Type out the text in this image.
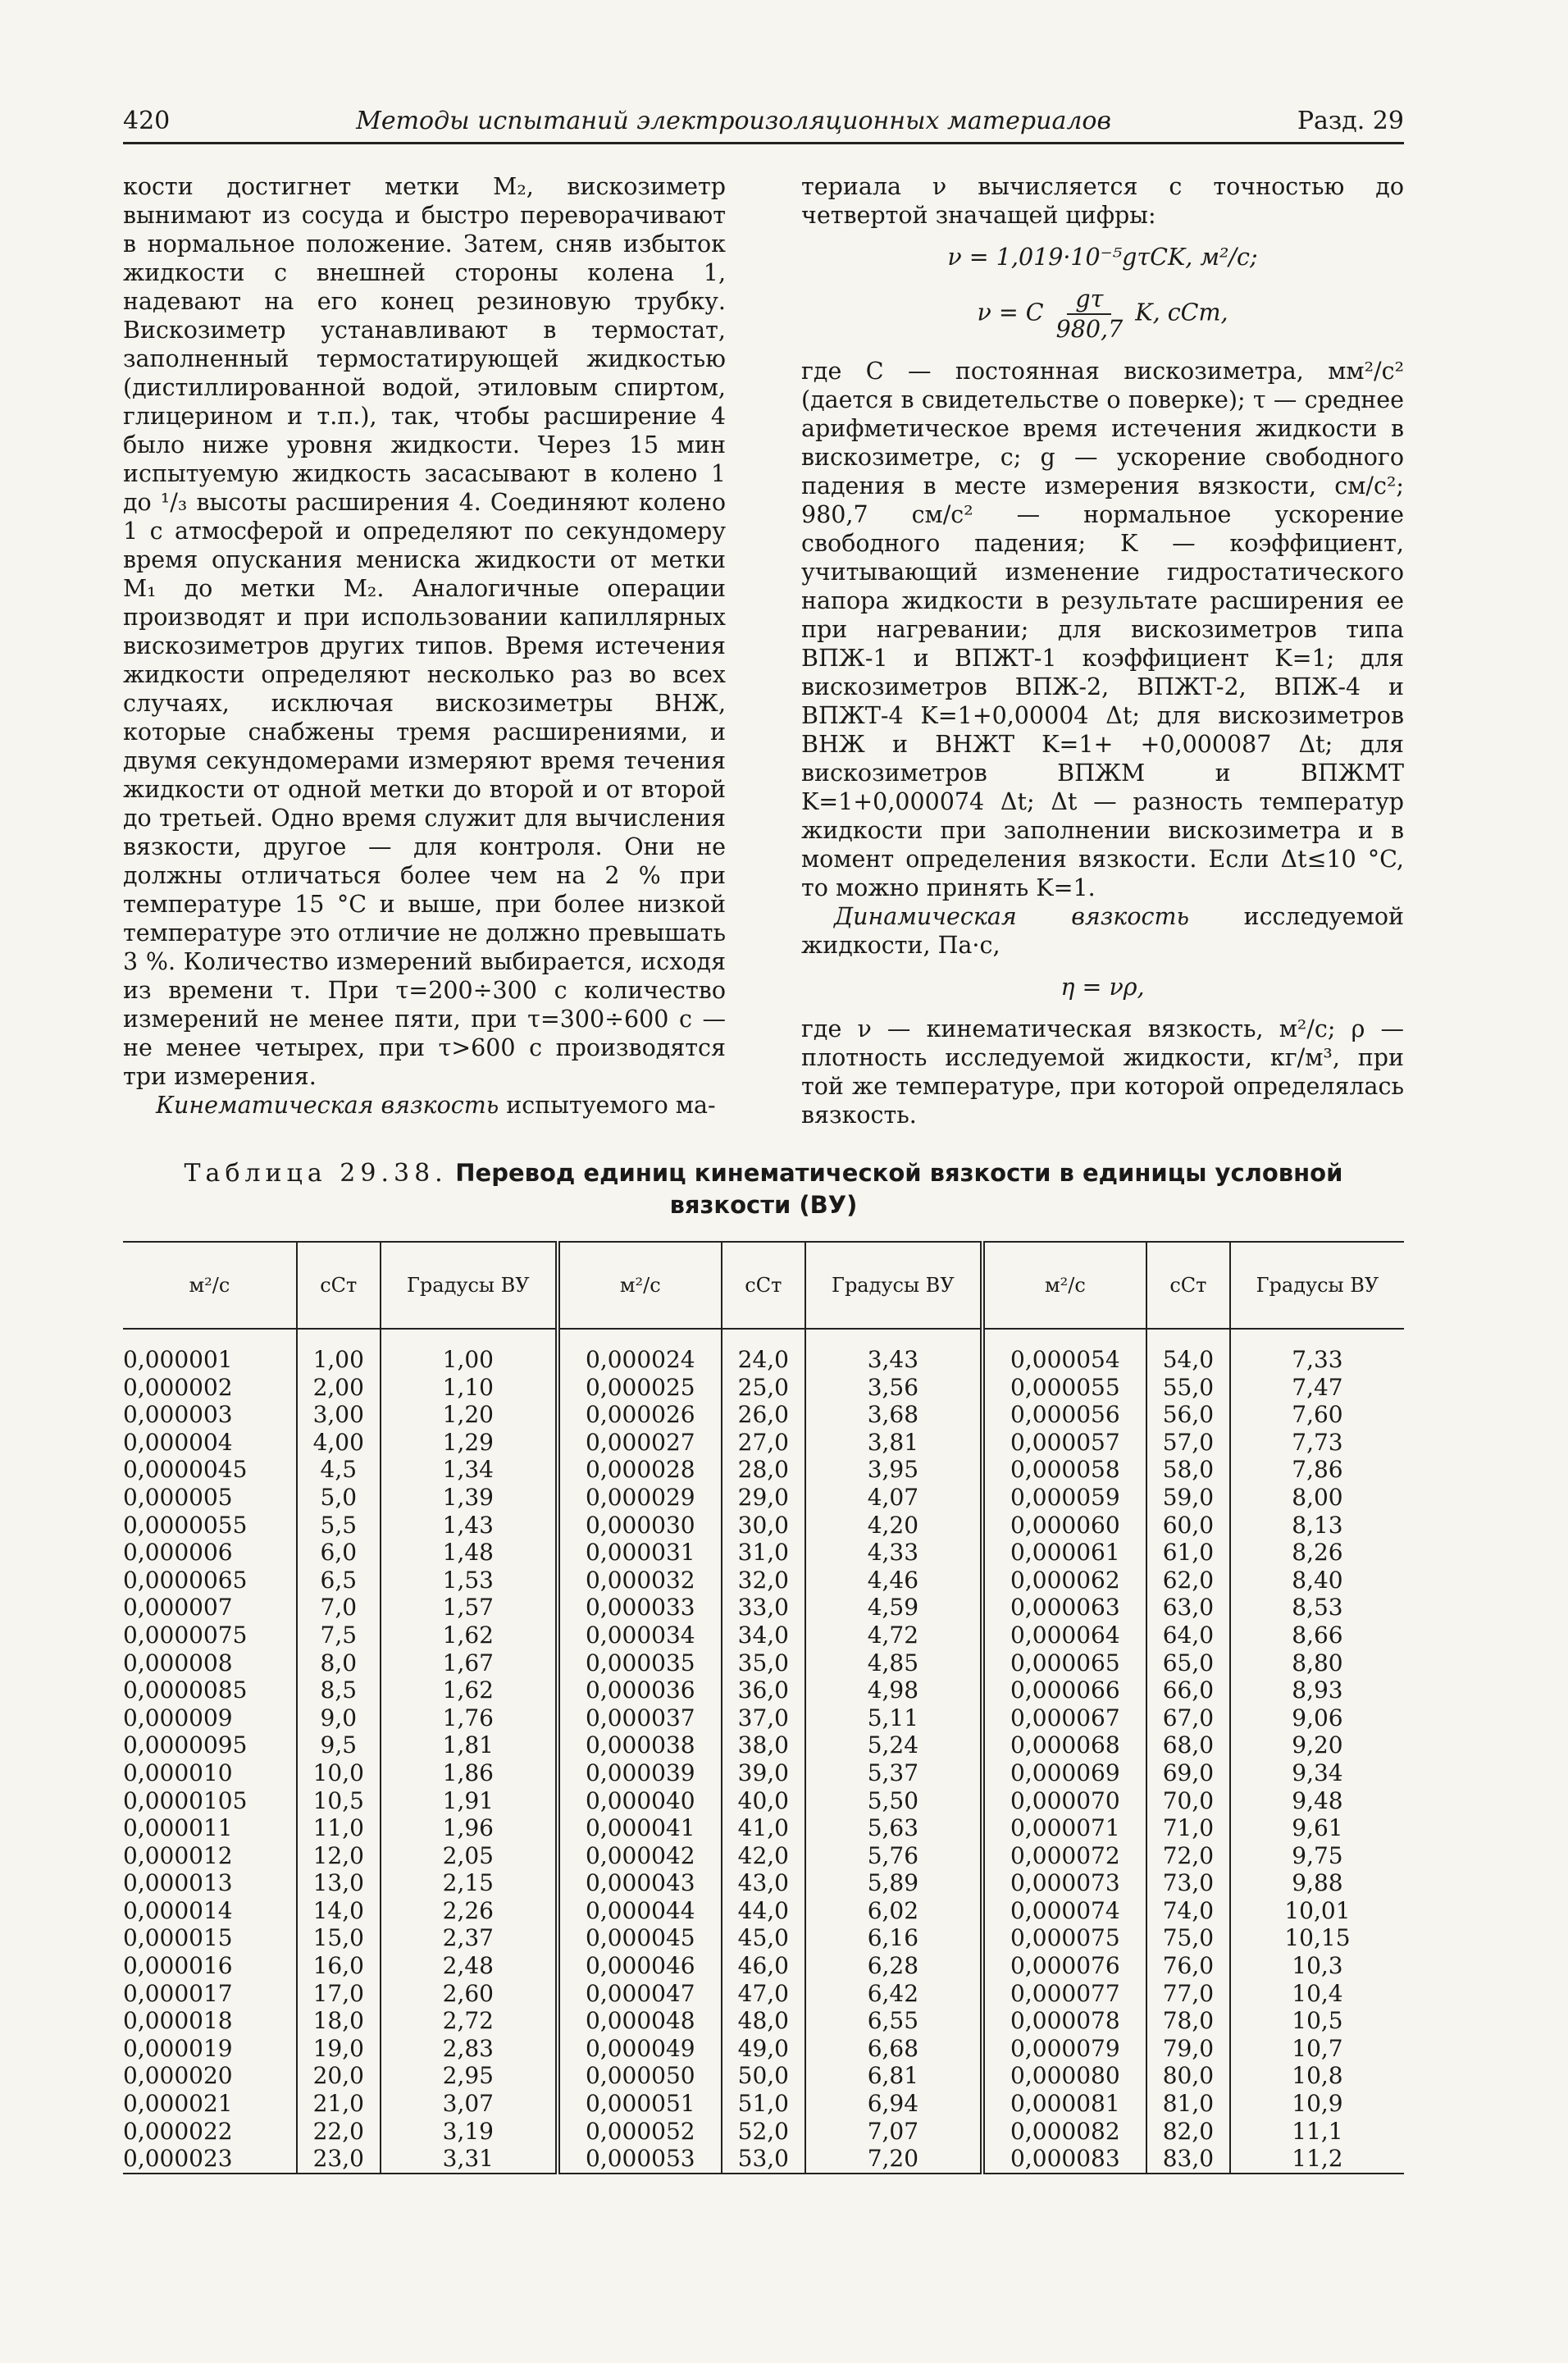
420	Методы испытаний электроизоляционных материалов	Разд. 29

кости достигнет метки M₂, вискозиметр вынимают из сосуда и быстро переворачивают в нормальное положение. Затем, сняв избыток жидкости с внешней стороны колена 1, надевают на его конец резиновую трубку. Вискозиметр устанавливают в термостат, заполненный термостатирующей жидкостью (дистиллированной водой, этиловым спиртом, глицерином и т.п.), так, чтобы расширение 4 было ниже уровня жидкости. Через 15 мин испытуемую жидкость засасывают в колено 1 до ¹/₃ высоты расширения 4. Соединяют колено 1 с атмосферой и определяют по секундомеру время опускания мениска жидкости от метки M₁ до метки M₂. Аналогичные операции производят и при использовании капиллярных вискозиметров других типов. Время истечения жидкости определяют несколько раз во всех случаях, исключая вискозиметры ВНЖ, которые снабжены тремя расширениями, и двумя секундомерами измеряют время течения жидкости от одной метки до второй и от второй до третьей. Одно время служит для вычисления вязкости, другое — для контроля. Они не должны отличаться более чем на 2 % при температуре 15 °C и выше, при более низкой температуре это отличие не должно превышать 3 %. Количество измерений выбирается, исходя из времени τ. При τ=200÷300 с количество измерений не менее пяти, при τ=300÷600 с — не менее четырех, при τ>600 с производятся три измерения.

Кинематическая вязкость испытуемого ма-

териала ν вычисляется с точностью до четвертой значащей цифры:

ν = 1,019·10⁻⁵gτCK, м²/с;
ν = C $\frac{g\tau}{980,7} K$, сСт,

где C — постоянная вискозиметра, мм²/с² (дается в свидетельстве о поверке); τ — среднее арифметическое время истечения жидкости в вискозиметре, с; g — ускорение свободного падения в месте измерения вязкости, см/с²; 980,7 см/с² — нормальное ускорение свободного падения; K — коэффициент, учитывающий изменение гидростатического напора жидкости в результате расширения ее при нагревании; для вискозиметров типа ВПЖ-1 и ВПЖТ-1 коэффициент K=1; для вискозиметров ВПЖ-2, ВПЖТ-2, ВПЖ-4 и ВПЖТ-4 K=1+0,00004 Δt; для вискозиметров ВНЖ и ВНЖТ K=1+ +0,000087 Δt; для вискозиметров ВПЖМ и ВПЖМТ K=1+0,000074 Δt; Δt — разность температур жидкости при заполнении вискозиметра и в момент определения вязкости. Если Δt≤10 °C, то можно принять K=1.

Динамическая вязкость исследуемой жидкости, Па·с,

η = νρ,

где ν — кинематическая вязкость, м²/с; ρ — плотность исследуемой жидкости, кг/м³, при той же температуре, при которой определялась вязкость.

Таблица 29.38. Перевод единиц кинематической вязкости в единицы условной вязкости (ВУ)
м²/с	сСт	Градусы ВУ	м²/с	сСт	Градусы ВУ	м²/с	сСт	Градусы ВУ
0,000001	1,00	1,00	0,000024	24,0	3,43	0,000054	54,0	7,33
0,000002	2,00	1,10	0,000025	25,0	3,56	0,000055	55,0	7,47
0,000003	3,00	1,20	0,000026	26,0	3,68	0,000056	56,0	7,60
0,000004	4,00	1,29	0,000027	27,0	3,81	0,000057	57,0	7,73
0,0000045	4,5	1,34	0,000028	28,0	3,95	0,000058	58,0	7,86
0,000005	5,0	1,39	0,000029	29,0	4,07	0,000059	59,0	8,00
0,0000055	5,5	1,43	0,000030	30,0	4,20	0,000060	60,0	8,13
0,000006	6,0	1,48	0,000031	31,0	4,33	0,000061	61,0	8,26
0,0000065	6,5	1,53	0,000032	32,0	4,46	0,000062	62,0	8,40
0,000007	7,0	1,57	0,000033	33,0	4,59	0,000063	63,0	8,53
0,0000075	7,5	1,62	0,000034	34,0	4,72	0,000064	64,0	8,66
0,000008	8,0	1,67	0,000035	35,0	4,85	0,000065	65,0	8,80
0,0000085	8,5	1,62	0,000036	36,0	4,98	0,000066	66,0	8,93
0,000009	9,0	1,76	0,000037	37,0	5,11	0,000067	67,0	9,06
0,0000095	9,5	1,81	0,000038	38,0	5,24	0,000068	68,0	9,20
0,000010	10,0	1,86	0,000039	39,0	5,37	0,000069	69,0	9,34
0,0000105	10,5	1,91	0,000040	40,0	5,50	0,000070	70,0	9,48
0,000011	11,0	1,96	0,000041	41,0	5,63	0,000071	71,0	9,61
0,000012	12,0	2,05	0,000042	42,0	5,76	0,000072	72,0	9,75
0,000013	13,0	2,15	0,000043	43,0	5,89	0,000073	73,0	9,88
0,000014	14,0	2,26	0,000044	44,0	6,02	0,000074	74,0	10,01
0,000015	15,0	2,37	0,000045	45,0	6,16	0,000075	75,0	10,15
0,000016	16,0	2,48	0,000046	46,0	6,28	0,000076	76,0	10,3
0,000017	17,0	2,60	0,000047	47,0	6,42	0,000077	77,0	10,4
0,000018	18,0	2,72	0,000048	48,0	6,55	0,000078	78,0	10,5
0,000019	19,0	2,83	0,000049	49,0	6,68	0,000079	79,0	10,7
0,000020	20,0	2,95	0,000050	50,0	6,81	0,000080	80,0	10,8
0,000021	21,0	3,07	0,000051	51,0	6,94	0,000081	81,0	10,9
0,000022	22,0	3,19	0,000052	52,0	7,07	0,000082	82,0	11,1
0,000023	23,0	3,31	0,000053	53,0	7,20	0,000083	83,0	11,2
